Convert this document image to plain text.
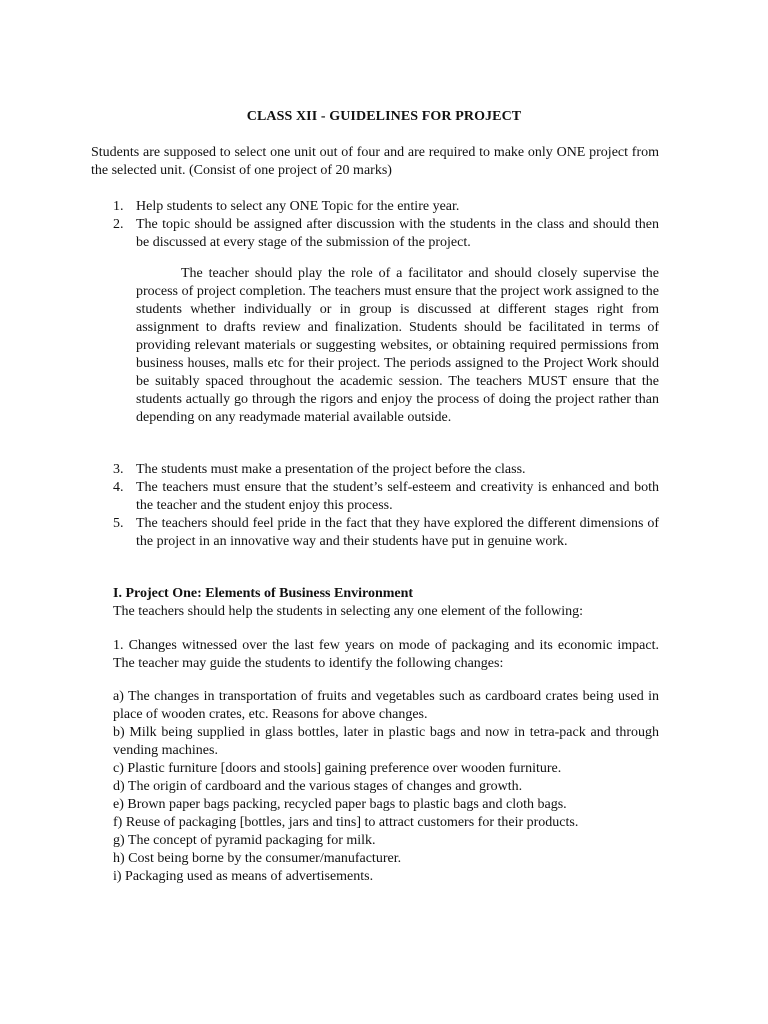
CLASS XII - GUIDELINES FOR PROJECT
Students are supposed to select one unit out of four and are required to make only ONE project from the selected unit. (Consist of one project of 20 marks)
1. Help students to select any ONE Topic for the entire year.
2. The topic should be assigned after discussion with the students in the class and should then be discussed at every stage of the submission of the project.
The teacher should play the role of a facilitator and should closely supervise the process of project completion. The teachers must ensure that the project work assigned to the students whether individually or in group is discussed at different stages right from assignment to drafts review and finalization. Students should be facilitated in terms of providing relevant materials or suggesting websites, or obtaining required permissions from business houses, malls etc for their project. The periods assigned to the Project Work should be suitably spaced throughout the academic session. The teachers MUST ensure that the students actually go through the rigors and enjoy the process of doing the project rather than depending on any readymade material available outside.
3. The students must make a presentation of the project before the class.
4. The teachers must ensure that the student’s self-esteem and creativity is enhanced and both the teacher and the student enjoy this process.
5. The teachers should feel pride in the fact that they have explored the different dimensions of the project in an innovative way and their students have put in genuine work.
I. Project One: Elements of Business Environment
The teachers should help the students in selecting any one element of the following:
1. Changes witnessed over the last few years on mode of packaging and its economic impact. The teacher may guide the students to identify the following changes:
a) The changes in transportation of fruits and vegetables such as cardboard crates being used in place of wooden crates, etc. Reasons for above changes.
b) Milk being supplied in glass bottles, later in plastic bags and now in tetra-pack and through vending machines.
c) Plastic furniture [doors and stools] gaining preference over wooden furniture.
d) The origin of cardboard and the various stages of changes and growth.
e) Brown paper bags packing, recycled paper bags to plastic bags and cloth bags.
f) Reuse of packaging [bottles, jars and tins] to attract customers for their products.
g) The concept of pyramid packaging for milk.
h) Cost being borne by the consumer/manufacturer.
i) Packaging used as means of advertisements.
